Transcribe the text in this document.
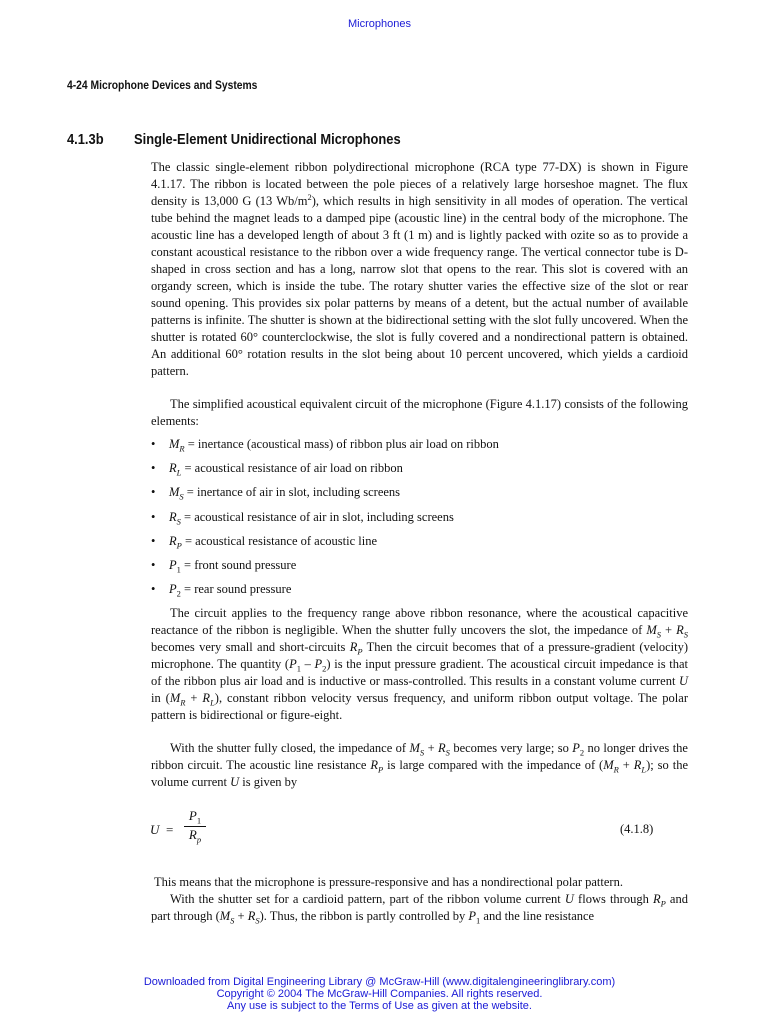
Microphones
4-24 Microphone Devices and Systems
4.1.3b Single-Element Unidirectional Microphones
The classic single-element ribbon polydirectional microphone (RCA type 77-DX) is shown in Figure 4.1.17. The ribbon is located between the pole pieces of a relatively large horseshoe magnet. The flux density is 13,000 G (13 $Wb/m^2$), which results in high sensitivity in all modes of operation. The vertical tube behind the magnet leads to a damped pipe (acoustic line) in the central body of the microphone. The acoustic line has a developed length of about 3 ft (1 m) and is lightly packed with ozite so as to provide a constant acoustical resistance to the ribbon over a wide frequency range. The vertical connector tube is D-shaped in cross section and has a long, narrow slot that opens to the rear. This slot is covered with an organdy screen, which is inside the tube. The rotary shutter varies the effective size of the slot or rear sound opening. This provides six polar patterns by means of a detent, but the actual number of available patterns is infinite. The shutter is shown at the bidirectional setting with the slot fully uncovered. When the shutter is rotated 60° counterclockwise, the slot is fully covered and a nondirectional pattern is obtained. An additional 60° rotation results in the slot being about 10 percent uncovered, which yields a cardioid pattern.
The simplified acoustical equivalent circuit of the microphone (Figure 4.1.17) consists of the following elements:
• $M_R$ = inertance (acoustical mass) of ribbon plus air load on ribbon
• $R_L$ = acoustical resistance of air load on ribbon
• $M_S$ = inertance of air in slot, including screens
• $R_S$ = acoustical resistance of air in slot, including screens
• $R_P$ = acoustical resistance of acoustic line
• $P_1$ = front sound pressure
• $P_2$ = rear sound pressure
The circuit applies to the frequency range above ribbon resonance, where the acoustical capacitive reactance of the ribbon is negligible. When the shutter fully uncovers the slot, the impedance of $M_S + R_S$ becomes very small and short-circuits $R_P$ Then the circuit becomes that of a pressure-gradient (velocity) microphone. The quantity $(P_1 - P_2)$ is the input pressure gradient. The acoustical circuit impedance is that of the ribbon plus air load and is inductive or mass-controlled. This results in a constant volume current U in $(M_R + R_L)$, constant ribbon velocity versus frequency, and uniform ribbon output voltage. The polar pattern is bidirectional or figure-eight.
With the shutter fully closed, the impedance of $M_S + R_S$ becomes very large; so $P_2$ no longer drives the ribbon circuit. The acoustic line resistance $R_P$ is large compared with the impedance of $(M_R + R_L)$; so the volume current U is given by
U =
$P_1$
$R_p$
(4.1.8)
This means that the microphone is pressure-responsive and has a nondirectional polar pattern.
With the shutter set for a cardioid pattern, part of the ribbon volume current U flows through $R_P$ and part through $(M_S + R_S)$. Thus, the ribbon is partly controlled by $P_1$ and the line resistance
Downloaded from Digital Engineering Library @ McGraw-Hill (www.digitalengineeringlibrary.com)
Copyright © 2004 The McGraw-Hill Companies. All rights reserved.
Any use is subject to the Terms of Use as given at the website.
